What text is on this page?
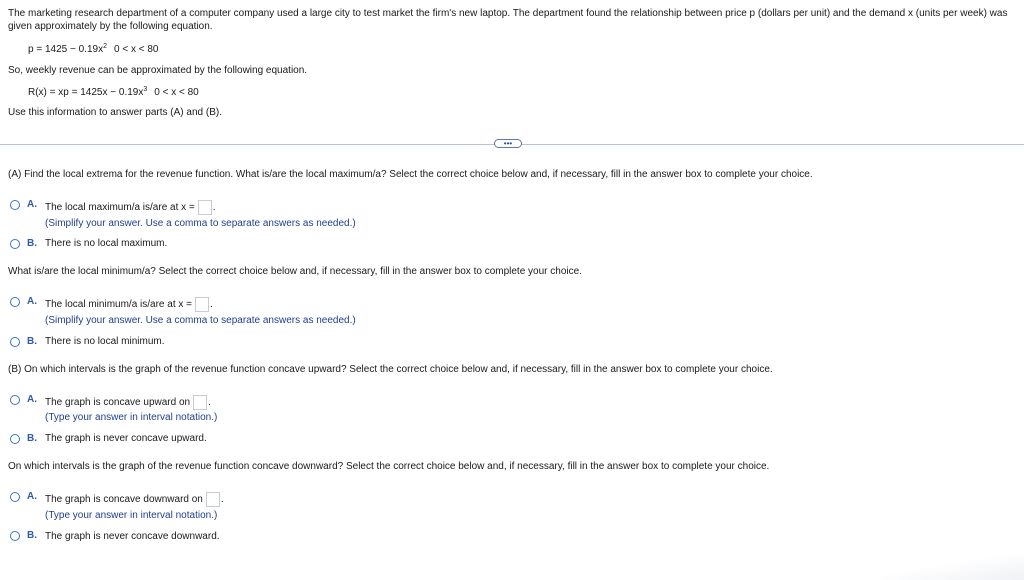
The marketing research department of a computer company used a large city to test market the firm's new laptop. The department found the relationship between price p (dollars per unit) and the demand x (units per week) was given approximately by the following equation.
$p = 1425 - 0.19x^2$ 0 < x < 80
So, weekly revenue can be approximated by the following equation.
R(x) = xp = $1425x - 0.19x^3$ 0 < x < 80
Use this information to answer parts (A) and (B).
•••
(A) Find the local extrema for the revenue function. What is/are the local maximum/a? Select the correct choice below and, if necessary, fill in the answer box to complete your choice.
A. The local maximum/a is/are at x = .
(Simplify your answer. Use a comma to separate answers as needed.)
B. There is no local maximum.
What is/are the local minimum/a? Select the correct choice below and, if necessary, fill in the answer box to complete your choice.
A. The local minimum/a is/are at x = .
(Simplify your answer. Use a comma to separate answers as needed.)
B. There is no local minimum.
(B) On which intervals is the graph of the revenue function concave upward? Select the correct choice below and, if necessary, fill in the answer box to complete your choice.
A. The graph is concave upward on .
(Type your answer in interval notation.)
B. The graph is never concave upward.
On which intervals is the graph of the revenue function concave downward? Select the correct choice below and, if necessary, fill in the answer box to complete your choice.
A. The graph is concave downward on .
(Type your answer in interval notation.)
B. The graph is never concave downward.
